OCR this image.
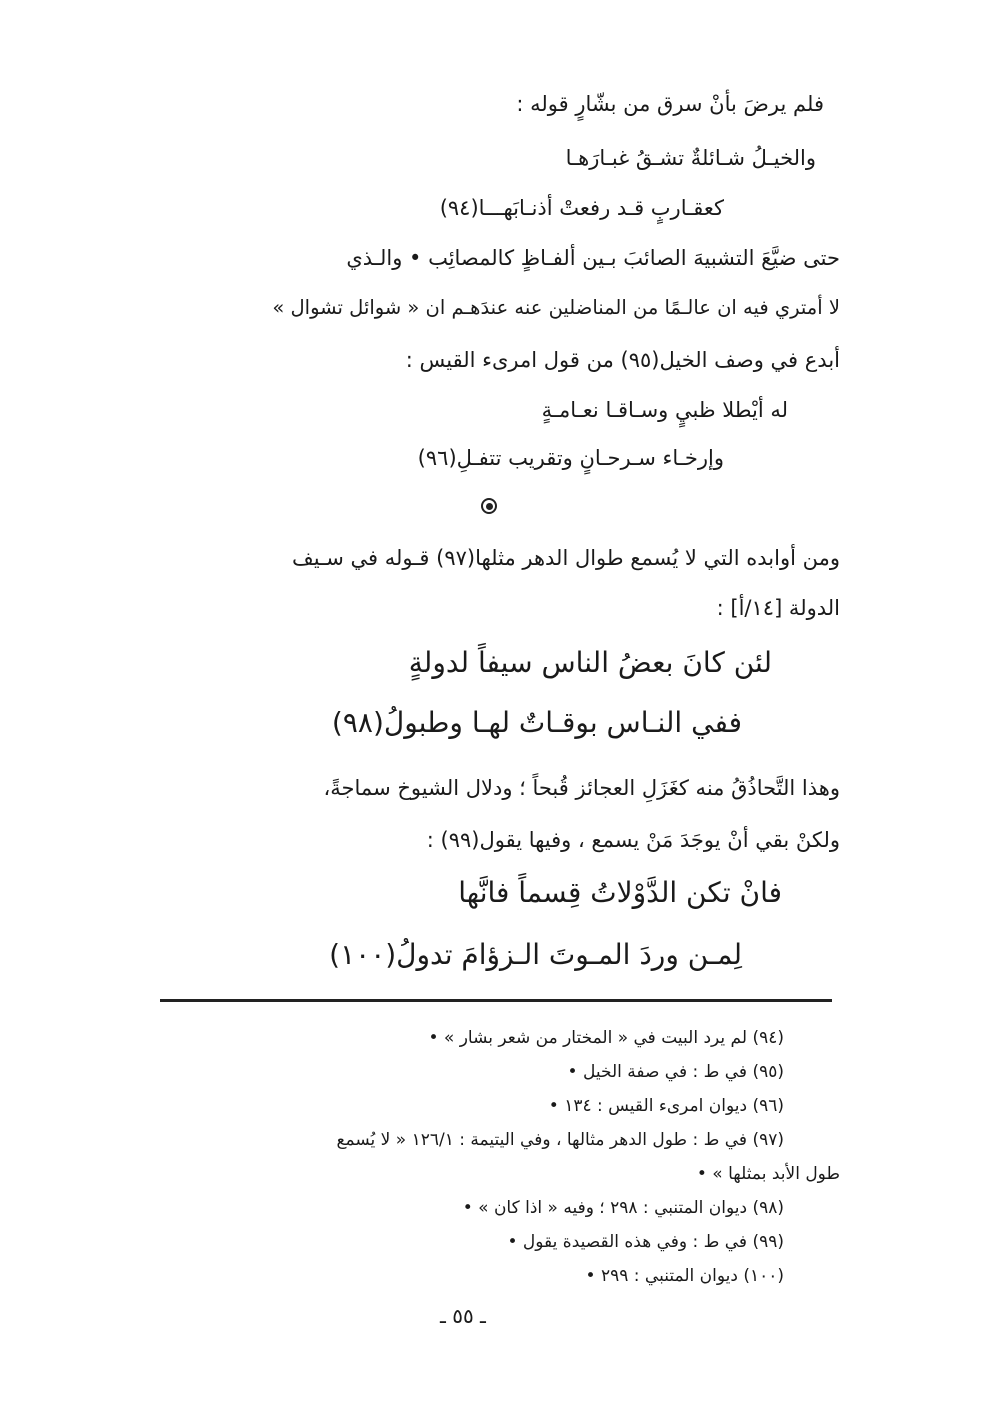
فلم يرضَ بأنْ سرق من بشّارٍ قوله :
والخيـلُ شـائلةٌ تشـقُ غبـارَهـا
كعقـاربٍ قـد رفعتْ أذنـابَهـــا(٩٤)
حتى ضيَّعَ التشبيهَ الصائبَ بـين ألفـاظٍ كالمصائِب • والـذي
لا أمتري فيه ان عالـمًا من المناضلين عنه عندَهـم ان « شوائل تشوال »
أبدع في وصف الخيل(٩٥) من قول امرىء القيس :
له أيْطلا ظبيٍ وسـاقـا نعـامـةٍ
وإرخـاء سـرحـانٍ وتقريب تتفـلِ(٩٦)
ومن أوابده التي لا يُسمع طوال الدهر مثلها(٩٧) قـوله في سـيف
الدولة [١٤/أ] :
لئن كانَ بعضُ الناس سيفاً لدولةٍ
ففي النـاس بوقـاتٌ لهـا وطبولُ(٩٨)
وهذا التَّحاذُقُ منه كغَزَلِ العجائز قُبحاً ؛ ودلال الشيوخ سماجةً،
ولكنْ بقي أنْ يوجَدَ مَنْ يسمع ، وفيها يقول(٩٩) :
فانْ تكن الدَّوْلاتُ قِسماً فانَّها
لِمـن وردَ المـوتَ الـزؤامَ تدولُ(١٠٠)
(٩٤) لم يرد البيت في « المختار من شعر بشار » •
(٩٥) في ط : في صفة الخيل •
(٩٦) ديوان امرىء القيس : ١٣٤ •
(٩٧) في ط : طول الدهر مثالها ، وفي اليتيمة : ١٢٦/١ « لا يُسمع
طول الأبد بمثلها » •
(٩٨) ديوان المتنبي : ٢٩٨ ؛ وفيه « اذا كان » •
(٩٩) في ط : وفي هذه القصيدة يقول •
(١٠٠) ديوان المتنبي : ٢٩٩ •
ـ ٥٥ ـ
